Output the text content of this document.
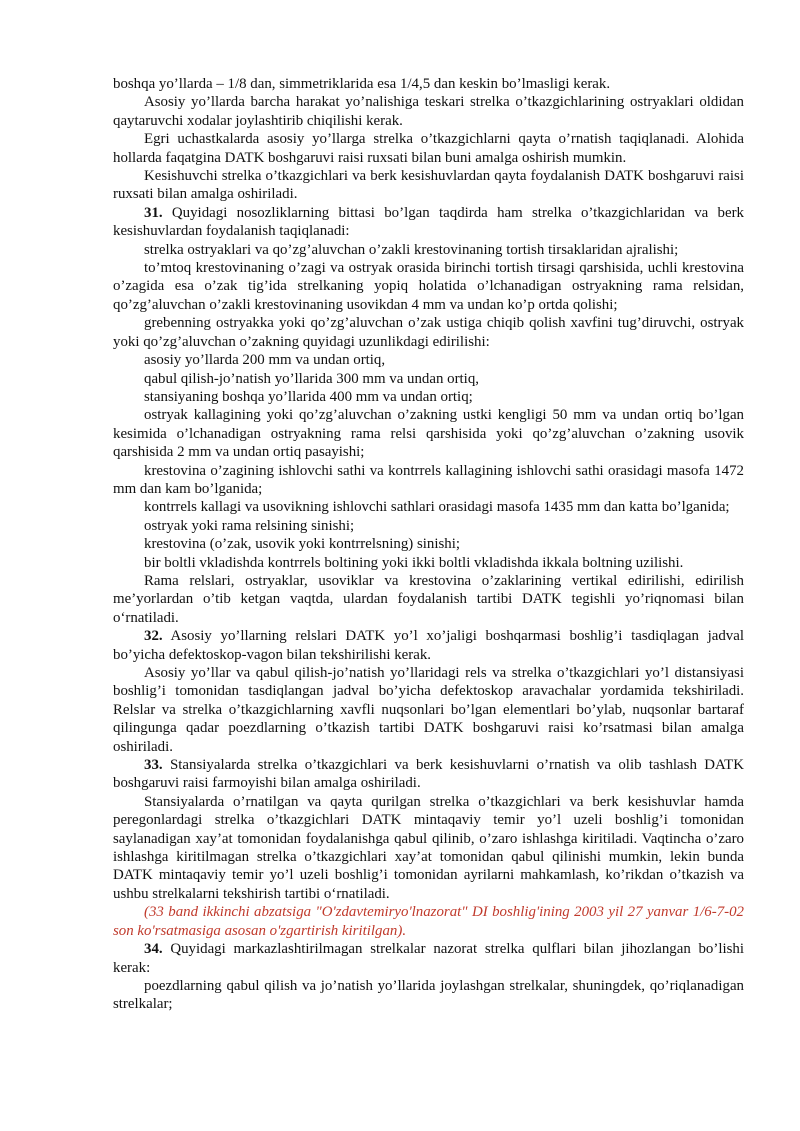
boshqa yo’llarda – 1/8 dan, simmetriklarida esa 1/4,5 dan keskin bo’lmasligi kerak.

Asosiy yo’llarda barcha harakat yo’nalishiga teskari strelka o’tkazgichlarining ostryaklari oldidan qaytaruvchi xodalar joylashtirib chiqilishi kerak.

Egri uchastkalarda asosiy yo’llarga strelka o’tkazgichlarni qayta o’rnatish taqiqlanadi. Alohida hollarda faqatgina DATK boshgaruvi raisi ruxsati bilan buni amalga oshirish mumkin.

Kesishuvchi strelka o’tkazgichlari va berk kesishuvlardan qayta foydalanish DATK boshgaruvi raisi ruxsati bilan amalga oshiriladi.

31. Quyidagi nosozliklarning bittasi bo’lgan taqdirda ham strelka o’tkazgichlaridan va berk kesishuvlardan foydalanish taqiqlanadi:

strelka ostryaklari va qo’zg’aluvchan o’zakli krestovinaning tortish tirsaklaridan ajralishi;

to’mtoq krestovinaning o’zagi va ostryak orasida birinchi tortish tirsagi qarshisida, uchli krestovina o’zagida esa o’zak tig’ida strelkaning yopiq holatida o’lchanadigan ostryakning rama relsidan, qo’zg’aluvchan o’zakli krestovinaning usovikdan 4 mm va undan ko’p ortda qolishi;

grebenning ostryakka yoki qo’zg’aluvchan o’zak ustiga chiqib qolish xavfini tug’diruvchi, ostryak yoki qo’zg’aluvchan o’zakning quyidagi uzunlikdagi edirilishi:

asosiy yo’llarda 200 mm va undan ortiq,

qabul qilish-jo’natish yo’llarida 300 mm va undan ortiq,

stansiyaning boshqa yo’llarida 400 mm va undan ortiq;

ostryak kallagining yoki qo’zg’aluvchan o’zakning ustki kengligi 50 mm va undan ortiq bo’lgan kesimida o’lchanadigan ostryakning rama relsi qarshisida yoki qo’zg’aluvchan o’zakning usovik qarshisida 2 mm va undan ortiq pasayishi;

krestovina o’zagining ishlovchi sathi va kontrrels kallagining ishlovchi sathi orasidagi masofa 1472 mm dan kam bo’lganida;

kontrrels kallagi va usovikning ishlovchi sathlari orasidagi masofa 1435 mm dan katta bo’lganida;

ostryak yoki rama relsining sinishi;

krestovina (o’zak, usovik yoki kontrrelsning) sinishi;

bir boltli vkladishda kontrrels boltining yoki ikki boltli vkladishda ikkala boltning uzilishi.

Rama relslari, ostryaklar, usoviklar va krestovina o’zaklarining vertikal edirilishi, edirilish me’yorlardan o’tib ketgan vaqtda, ulardan foydalanish tartibi DATK tegishli yo’riqnomasi bilan o‘rnatiladi.

32. Asosiy yo’llarning relslari DATK yo’l xo’jaligi boshqarmasi boshlig’i tasdiqlagan jadval bo’yicha defektoskop-vagon bilan tekshirilishi kerak.

Asosiy yo’llar va qabul qilish-jo’natish yo’llaridagi rels va strelka o’tkazgichlari yo’l distansiyasi boshlig’i tomonidan tasdiqlangan jadval bo’yicha defektoskop aravachalar yordamida tekshiriladi. Relslar va strelka o’tkazgichlarning xavfli nuqsonlari bo’lgan elementlari bo’ylab, nuqsonlar bartaraf qilingunga qadar poezdlarning o’tkazish tartibi DATK boshgaruvi raisi ko’rsatmasi bilan amalga oshiriladi.

33. Stansiyalarda strelka o’tkazgichlari va berk kesishuvlarni o’rnatish va olib tashlash DATK boshgaruvi raisi farmoyishi bilan amalga oshiriladi.

Stansiyalarda o’rnatilgan va qayta qurilgan strelka o’tkazgichlari va berk kesishuvlar hamda peregonlardagi strelka o’tkazgichlari DATK mintaqaviy temir yo’l uzeli boshlig’i tomonidan saylanadigan xay’at tomonidan foydalanishga qabul qilinib, o’zaro ishlashga kiritiladi. Vaqtincha o’zaro ishlashga kiritilmagan strelka o’tkazgichlari xay’at tomonidan qabul qilinishi mumkin, lekin bunda DATK mintaqaviy temir yo’l uzeli boshlig’i tomonidan ayrilarni mahkamlash, ko’rikdan o’tkazish va ushbu strelkalarni tekshirish tartibi o‘rnatiladi.

(33 band ikkinchi abzatsiga "O'zdavtemiryo'lnazorat" DI boshlig'ining 2003 yil 27 yanvar 1/6-7-02 son ko'rsatmasiga asosan o'zgartirish kiritilgan).

34. Quyidagi markazlashtirilmagan strelkalar nazorat strelka qulflari bilan jihozlangan bo’lishi kerak:

poezdlarning qabul qilish va jo’natish yo’llarida joylashgan strelkalar, shuningdek, qo’riqlanadigan strelkalar;
